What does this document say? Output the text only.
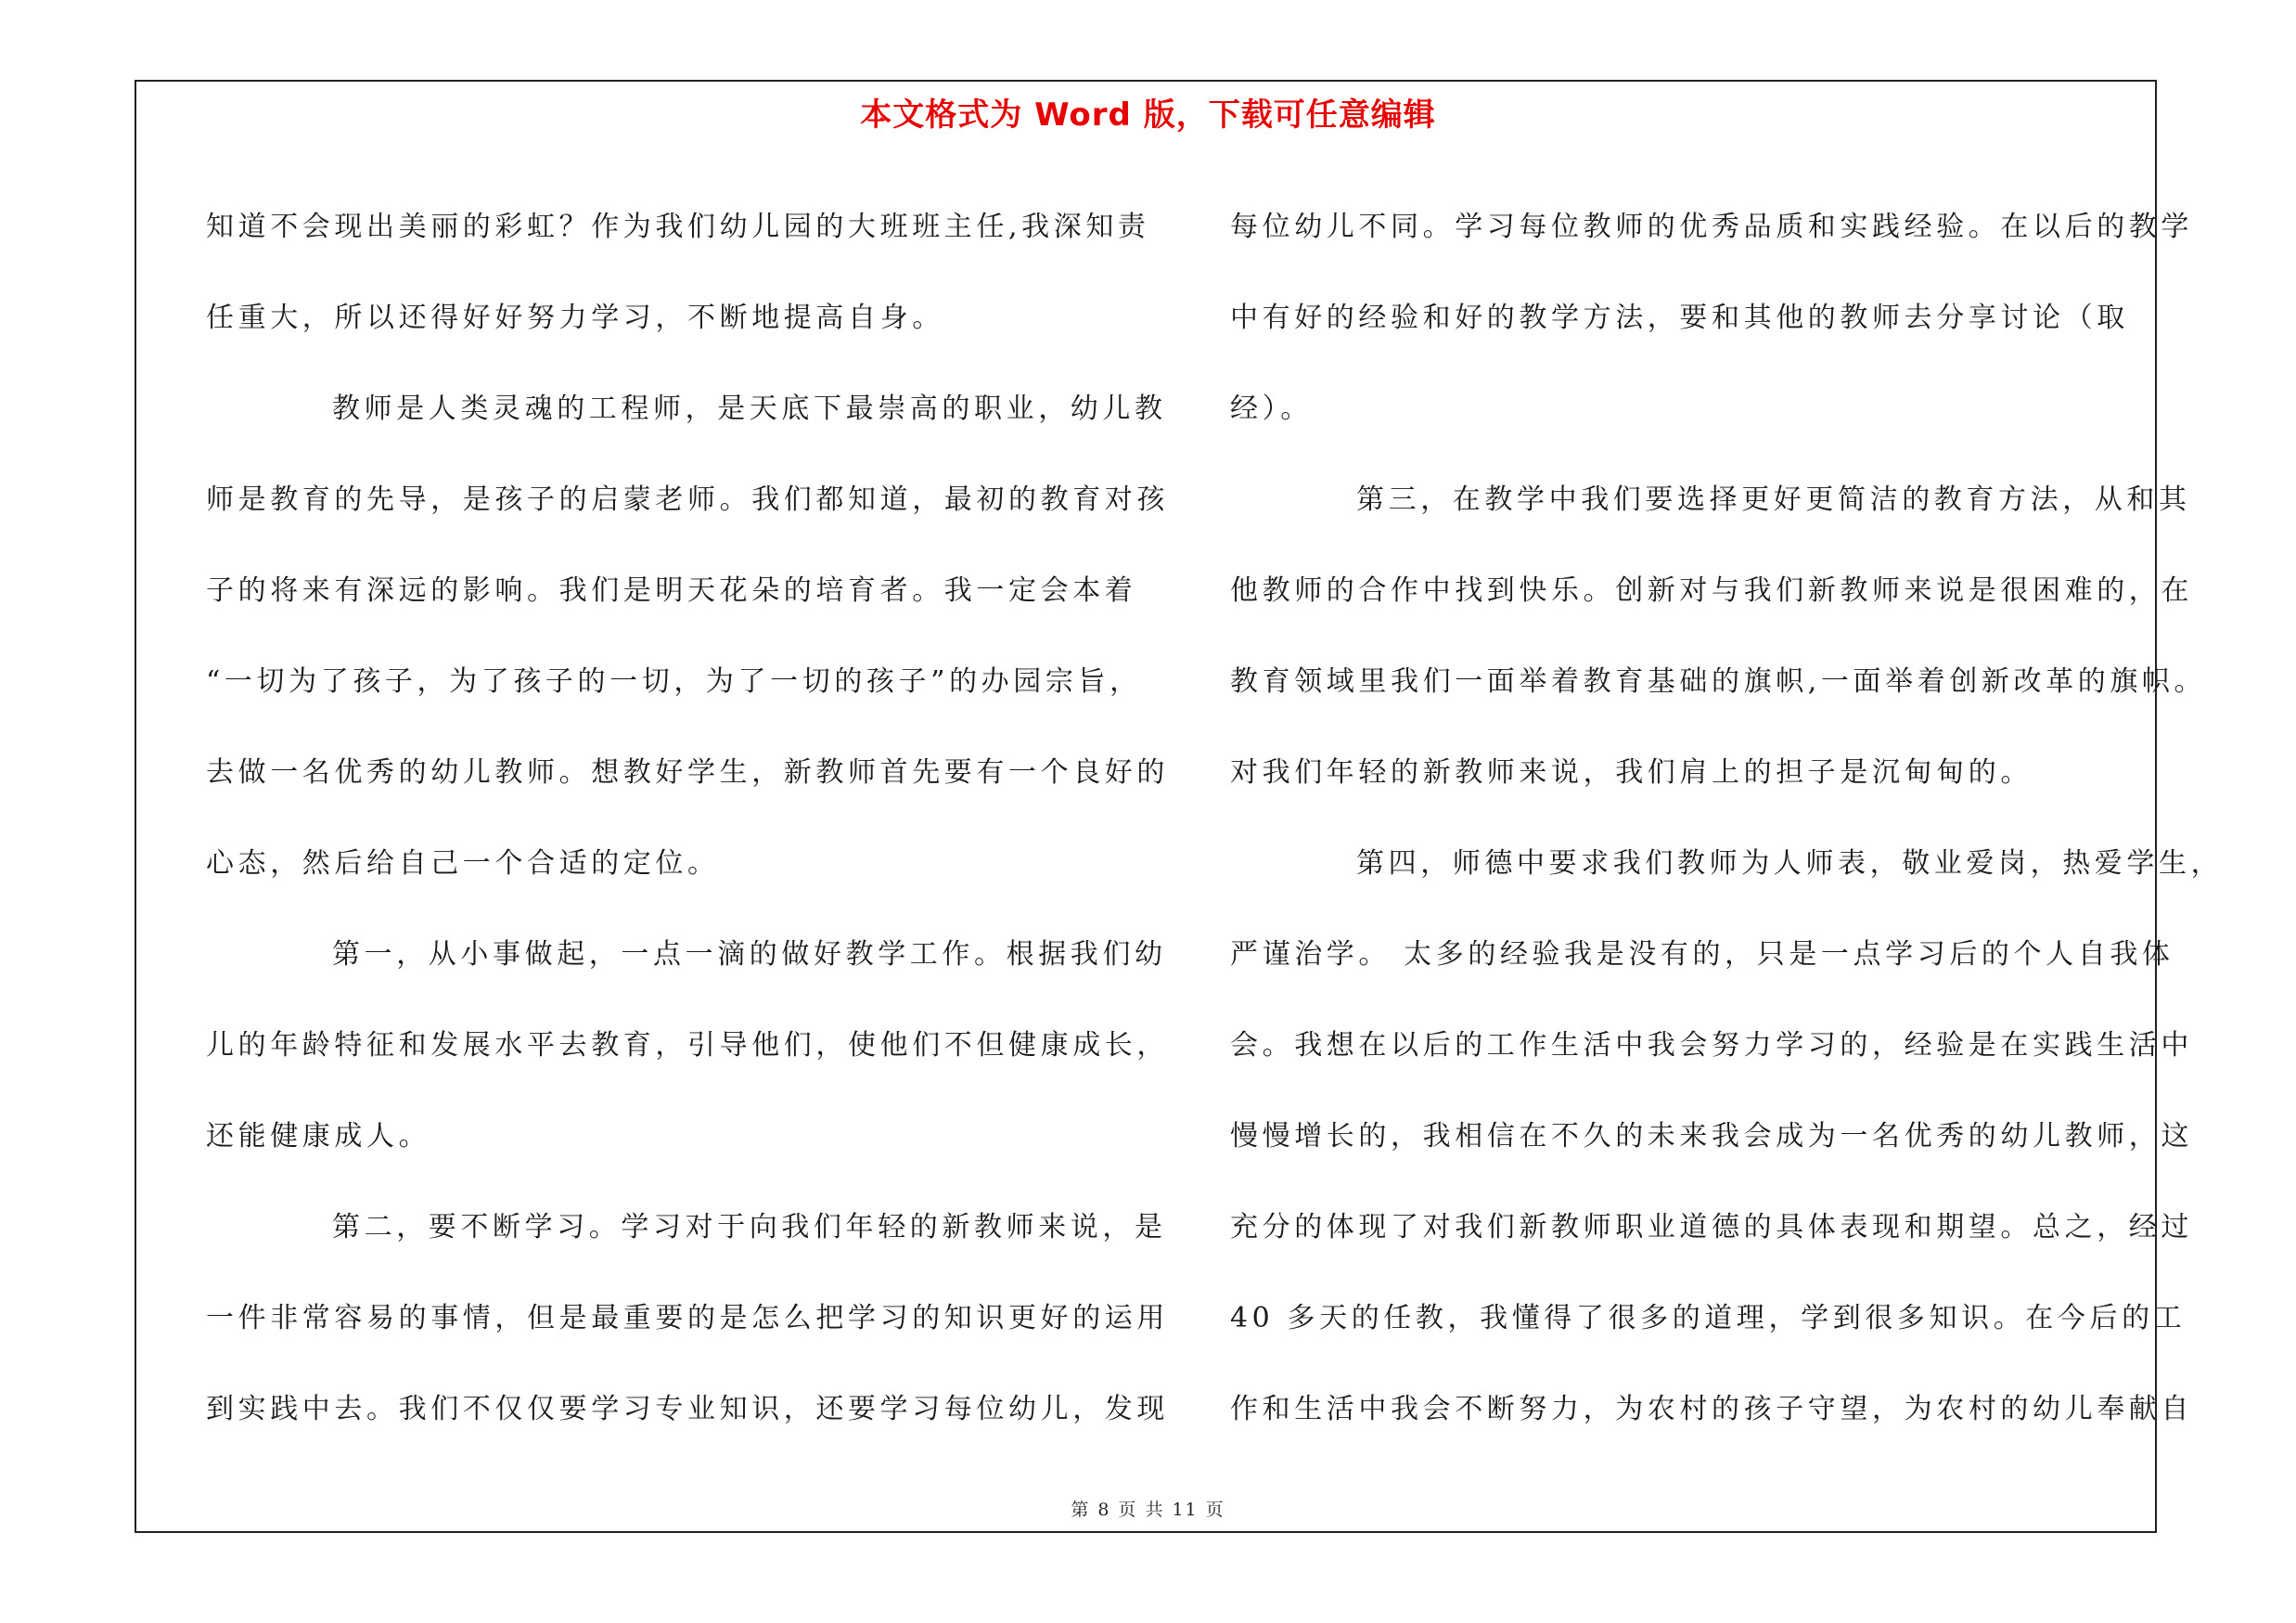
本文格式为 Word 版，下载可任意编辑
知道不会现出美丽的彩虹？作为我们幼儿园的大班班主任,我深知责
任重大，所以还得好好努力学习，不断地提高自身。
教师是人类灵魂的工程师，是天底下最崇高的职业，幼儿教
师是教育的先导，是孩子的启蒙老师。我们都知道，最初的教育对孩
子的将来有深远的影响。我们是明天花朵的培育者。我一定会本着
“一切为了孩子，为了孩子的一切，为了一切的孩子”的办园宗旨，
去做一名优秀的幼儿教师。想教好学生，新教师首先要有一个良好的
心态，然后给自己一个合适的定位。
第一，从小事做起，一点一滴的做好教学工作。根据我们幼
儿的年龄特征和发展水平去教育，引导他们，使他们不但健康成长，
还能健康成人。
第二，要不断学习。学习对于向我们年轻的新教师来说，是
一件非常容易的事情，但是最重要的是怎么把学习的知识更好的运用
到实践中去。我们不仅仅要学习专业知识，还要学习每位幼儿，发现
每位幼儿不同。学习每位教师的优秀品质和实践经验。在以后的教学
中有好的经验和好的教学方法，要和其他的教师去分享讨论（取
经）。
第三，在教学中我们要选择更好更简洁的教育方法，从和其
他教师的合作中找到快乐。创新对与我们新教师来说是很困难的，在
教育领域里我们一面举着教育基础的旗帜,一面举着创新改革的旗帜。
对我们年轻的新教师来说，我们肩上的担子是沉甸甸的。
第四，师德中要求我们教师为人师表，敬业爱岗，热爱学生，
严谨治学。 太多的经验我是没有的，只是一点学习后的个人自我体
会。我想在以后的工作生活中我会努力学习的，经验是在实践生活中
慢慢增长的，我相信在不久的未来我会成为一名优秀的幼儿教师，这
充分的体现了对我们新教师职业道德的具体表现和期望。总之，经过
40 多天的任教，我懂得了很多的道理，学到很多知识。在今后的工
作和生活中我会不断努力，为农村的孩子守望，为农村的幼儿奉献自
第 8 页 共 11 页
